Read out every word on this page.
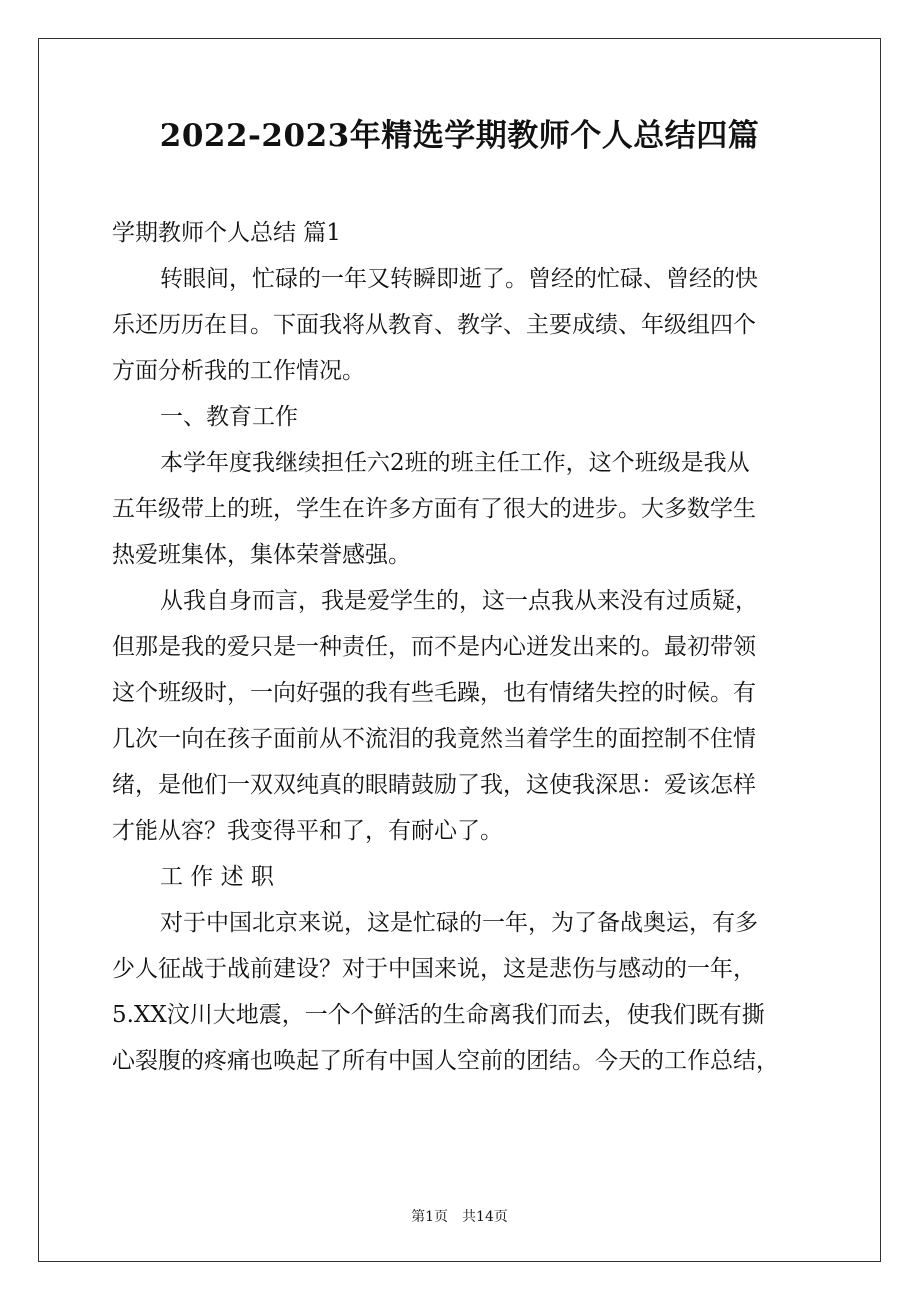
2022-2023年精选学期教师个人总结四篇
学期教师个人总结 篇1
转眼间，忙碌的一年又转瞬即逝了。曾经的忙碌、曾经的快
乐还历历在目。下面我将从教育、教学、主要成绩、年级组四个
方面分析我的工作情况。
一、教育工作
本学年度我继续担任六2班的班主任工作，这个班级是我从
五年级带上的班，学生在许多方面有了很大的进步。大多数学生
热爱班集体，集体荣誉感强。
从我自身而言，我是爱学生的，这一点我从来没有过质疑，
但那是我的爱只是一种责任，而不是内心迸发出来的。最初带领
这个班级时，一向好强的我有些毛躁，也有情绪失控的时候。有
几次一向在孩子面前从不流泪的我竟然当着学生的面控制不住情
绪，是他们一双双纯真的眼睛鼓励了我，这使我深思：爱该怎样
才能从容？我变得平和了，有耐心了。
工 作 述 职
对于中国北京来说，这是忙碌的一年，为了备战奥运，有多
少人征战于战前建设？对于中国来说，这是悲伤与感动的一年，
5.XX汶川大地震，一个个鲜活的生命离我们而去，使我们既有撕
心裂腹的疼痛也唤起了所有中国人空前的团结。今天的工作总结，
第1页　共14页
